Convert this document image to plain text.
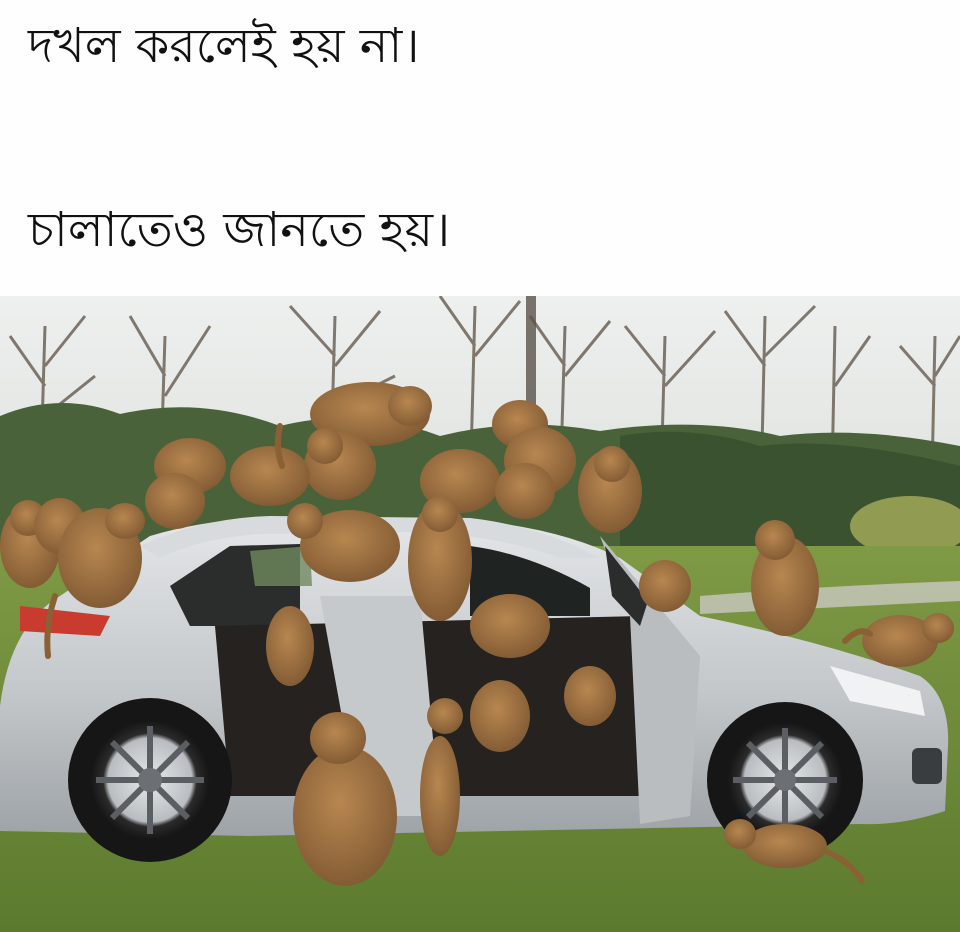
দখল করলেই হয় না।
চালাতেও জানতে হয়।
